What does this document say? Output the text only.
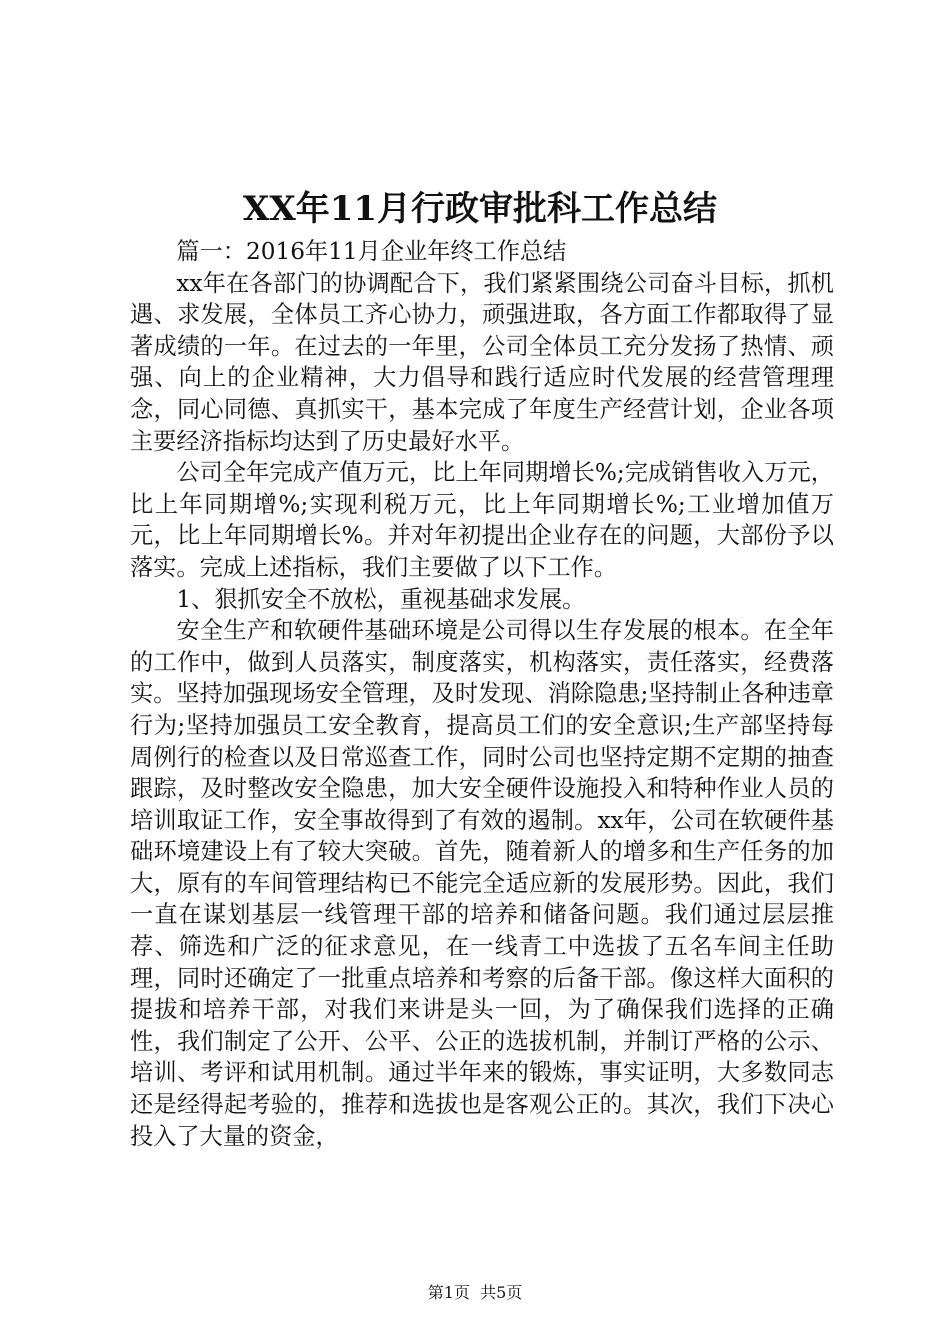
XX年11月行政审批科工作总结

篇一：2016年11月企业年终工作总结

xx年在各部门的协调配合下，我们紧紧围绕公司奋斗目标，抓机遇、求发展，全体员工齐心协力，顽强进取，各方面工作都取得了显著成绩的一年。在过去的一年里，公司全体员工充分发扬了热情、顽强、向上的企业精神，大力倡导和践行适应时代发展的经营管理理念，同心同德、真抓实干，基本完成了年度生产经营计划，企业各项主要经济指标均达到了历史最好水平。

公司全年完成产值万元，比上年同期增长%;完成销售收入万元，比上年同期增%;实现利税万元，比上年同期增长%;工业增加值万元，比上年同期增长%。并对年初提出企业存在的问题，大部份予以落实。完成上述指标，我们主要做了以下工作。

1、狠抓安全不放松，重视基础求发展。

安全生产和软硬件基础环境是公司得以生存发展的根本。在全年的工作中，做到人员落实，制度落实，机构落实，责任落实，经费落实。坚持加强现场安全管理，及时发现、消除隐患;坚持制止各种违章行为;坚持加强员工安全教育，提高员工们的安全意识;生产部坚持每周例行的检查以及日常巡查工作，同时公司也坚持定期不定期的抽查跟踪，及时整改安全隐患，加大安全硬件设施投入和特种作业人员的培训取证工作，安全事故得到了有效的遏制。xx年，公司在软硬件基础环境建设上有了较大突破。首先，随着新人的增多和生产任务的加大，原有的车间管理结构已不能完全适应新的发展形势。因此，我们一直在谋划基层一线管理干部的培养和储备问题。我们通过层层推荐、筛选和广泛的征求意见，在一线青工中选拔了五名车间主任助理，同时还确定了一批重点培养和考察的后备干部。像这样大面积的提拔和培养干部，对我们来讲是头一回，为了确保我们选择的正确性，我们制定了公开、公平、公正的选拔机制，并制订严格的公示、培训、考评和试用机制。通过半年来的锻炼，事实证明，大多数同志还是经得起考验的，推荐和选拔也是客观公正的。其次，我们下决心投入了大量的资金，

第1页 共5页
